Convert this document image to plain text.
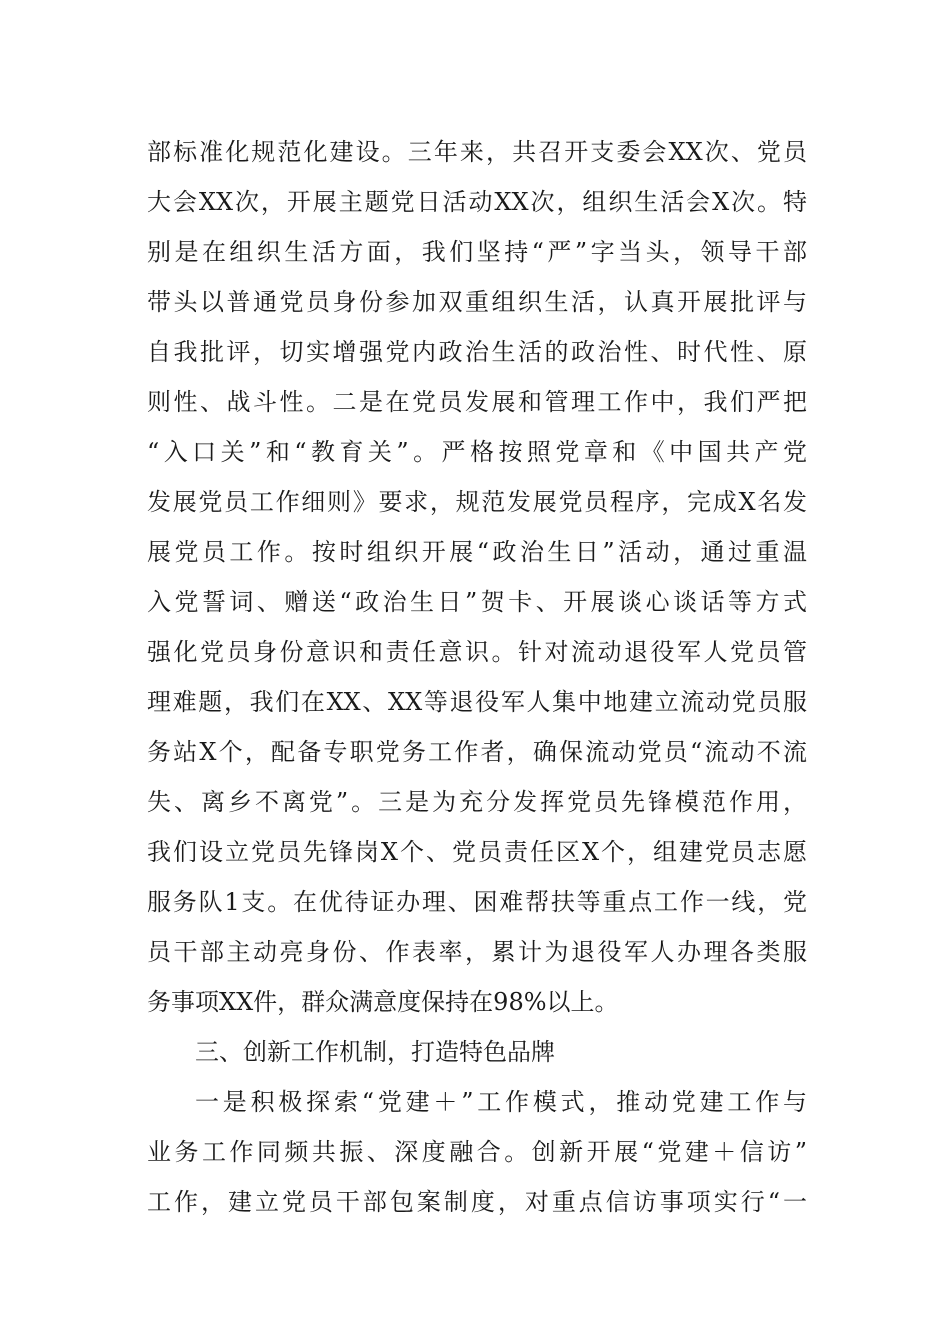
部标准化规范化建设。三年来，共召开支委会XX次、党员
大会XX次，开展主题党日活动XX次，组织生活会X次。特
别是在组织生活方面，我们坚持“严”字当头，领导干部
带头以普通党员身份参加双重组织生活，认真开展批评与
自我批评，切实增强党内政治生活的政治性、时代性、原
则性、战斗性。二是在党员发展和管理工作中，我们严把
“入口关”和“教育关”。严格按照党章和《中国共产党
发展党员工作细则》要求，规范发展党员程序，完成X名发
展党员工作。按时组织开展“政治生日”活动，通过重温
入党誓词、赠送“政治生日”贺卡、开展谈心谈话等方式
强化党员身份意识和责任意识。针对流动退役军人党员管
理难题，我们在XX、XX等退役军人集中地建立流动党员服
务站X个，配备专职党务工作者，确保流动党员“流动不流
失、离乡不离党”。三是为充分发挥党员先锋模范作用，
我们设立党员先锋岗X个、党员责任区X个，组建党员志愿
服务队1支。在优待证办理、困难帮扶等重点工作一线，党
员干部主动亮身份、作表率，累计为退役军人办理各类服
务事项XX件，群众满意度保持在98%以上。
三、创新工作机制，打造特色品牌
一是积极探索“党建＋”工作模式，推动党建工作与
业务工作同频共振、深度融合。创新开展“党建＋信访”
工作，建立党员干部包案制度，对重点信访事项实行“一
